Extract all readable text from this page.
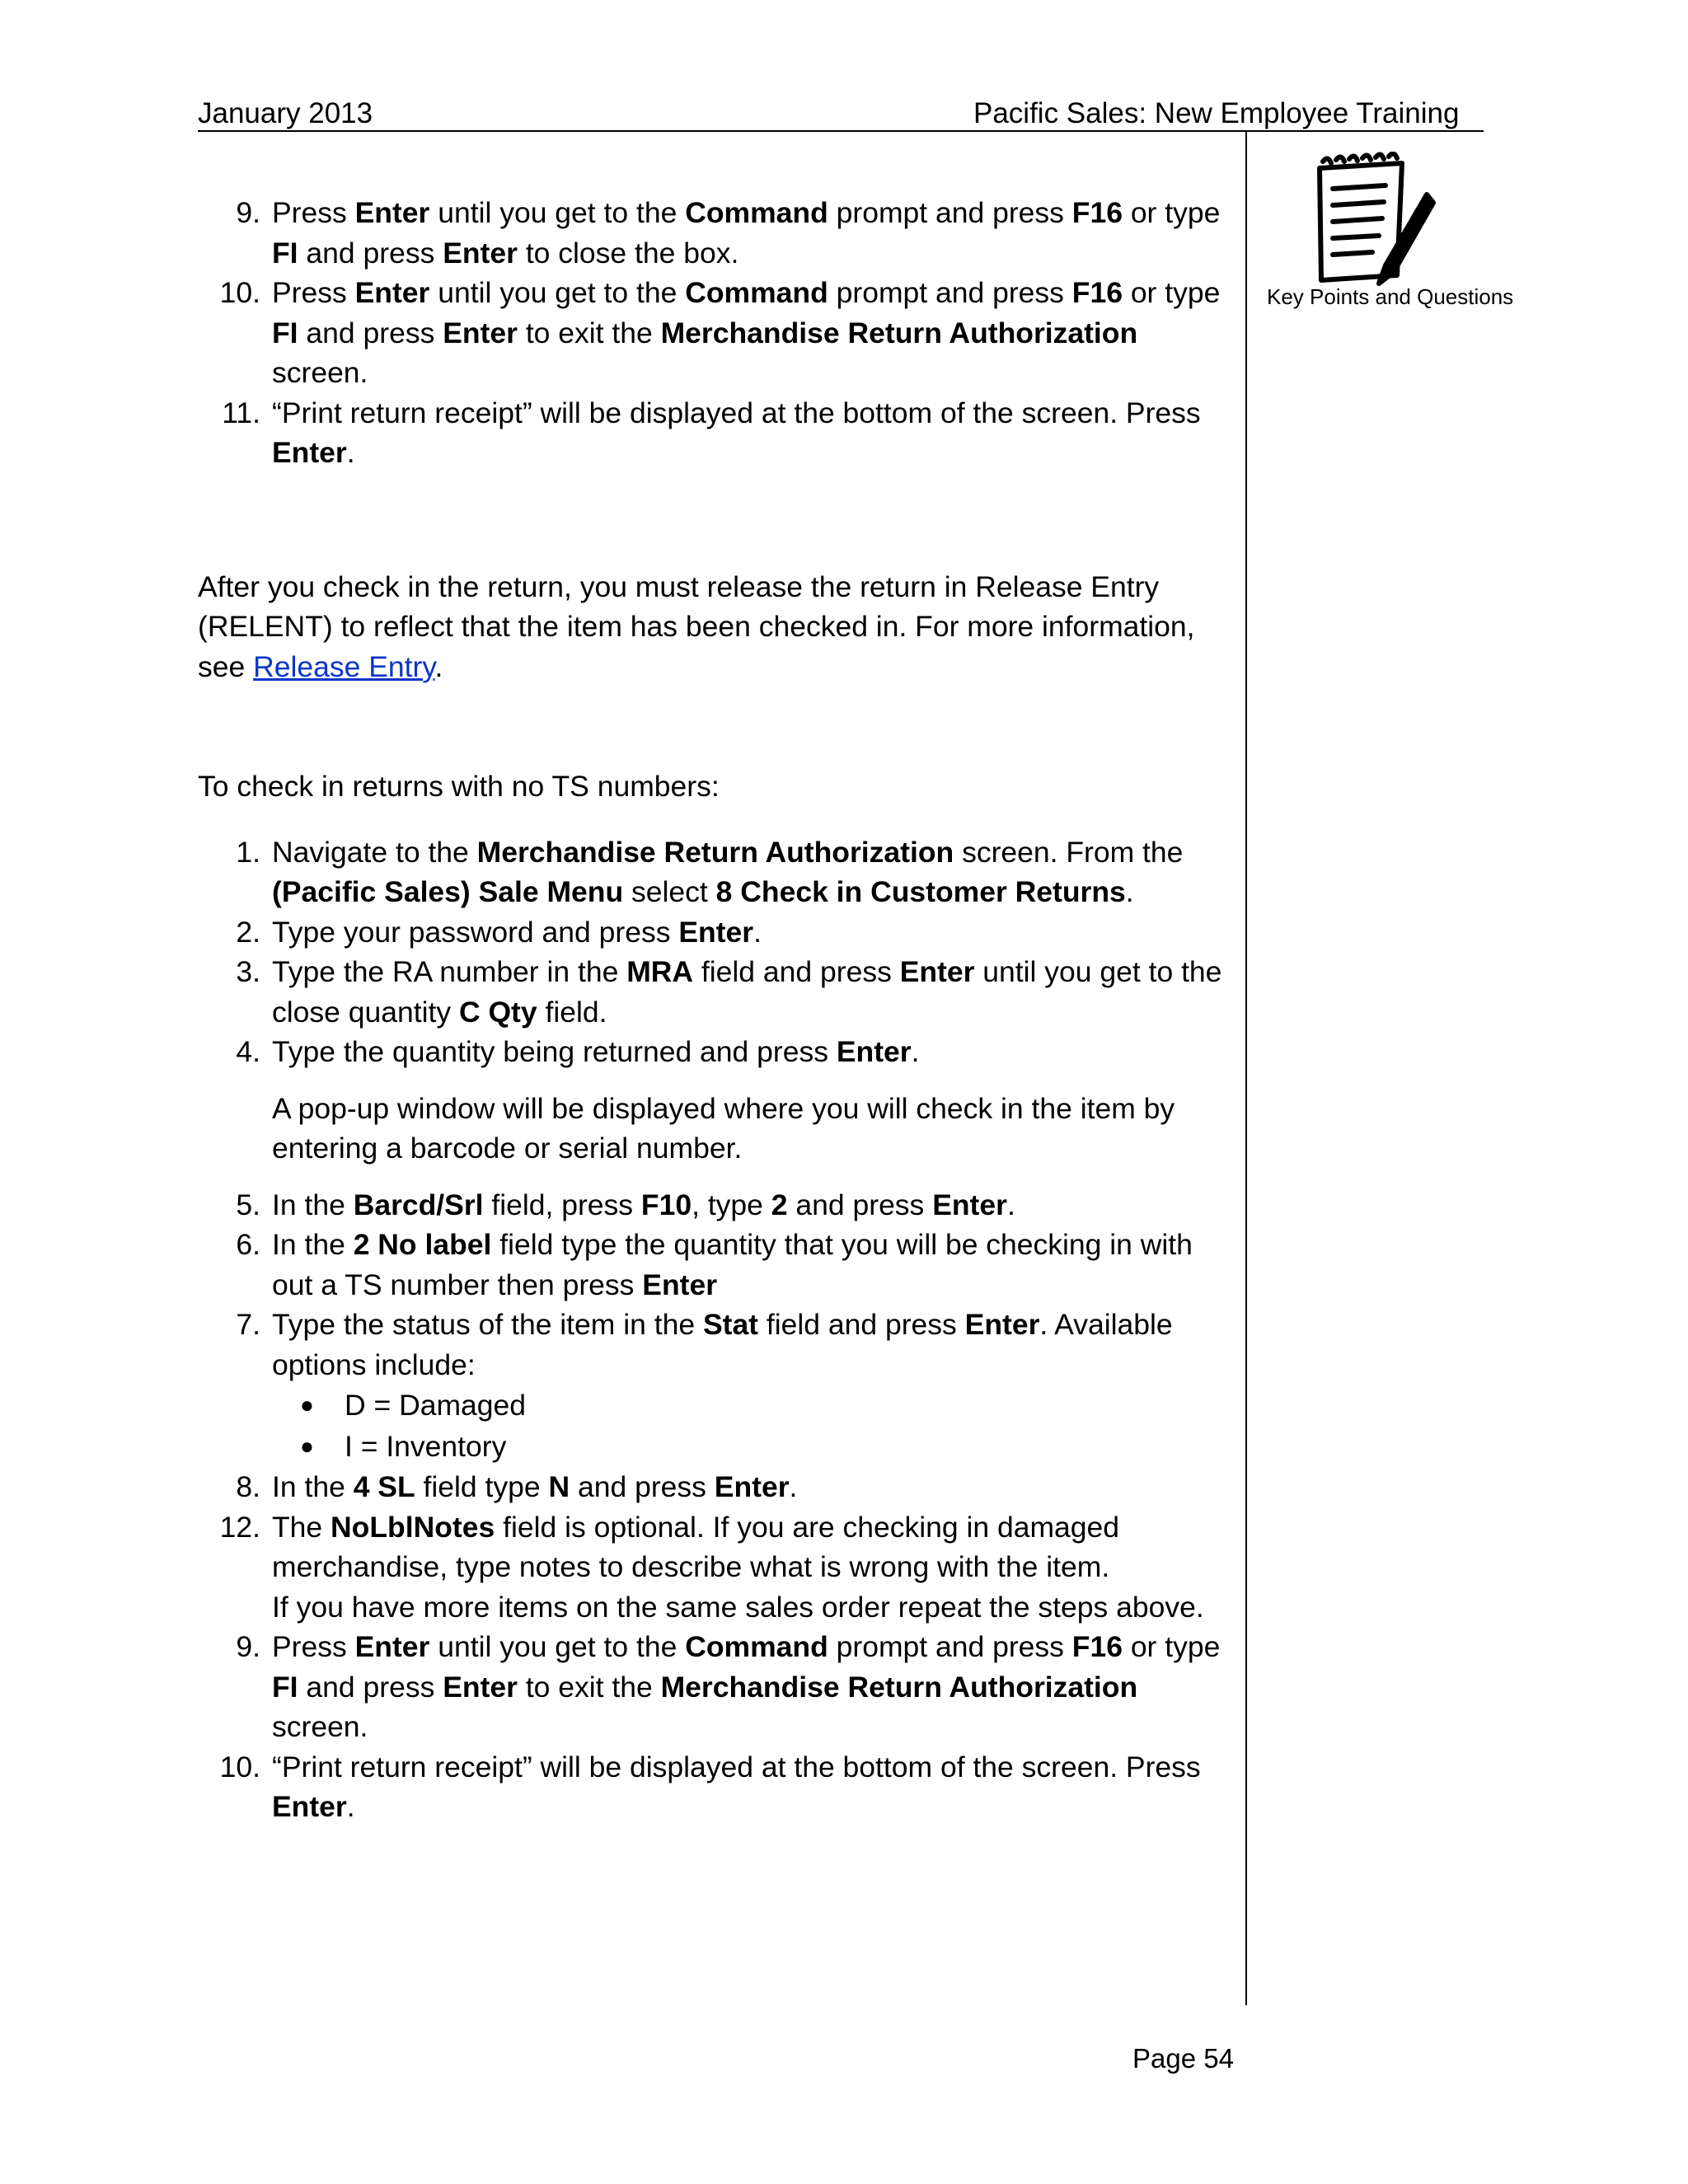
January 2013	Pacific Sales: New Employee Training
Key Points and Questions
9. Press Enter until you get to the Command prompt and press F16 or type FI and press Enter to close the box.
10. Press Enter until you get to the Command prompt and press F16 or type FI and press Enter to exit the Merchandise Return Authorization screen.
11. “Print return receipt” will be displayed at the bottom of the screen. Press Enter.

After you check in the return, you must release the return in Release Entry (RELENT) to reflect that the item has been checked in. For more information, see Release Entry.

To check in returns with no TS numbers:

1. Navigate to the Merchandise Return Authorization screen. From the (Pacific Sales) Sale Menu select 8 Check in Customer Returns.
2. Type your password and press Enter.
3. Type the RA number in the MRA field and press Enter until you get to the close quantity C Qty field.
4. Type the quantity being returned and press Enter.
A pop-up window will be displayed where you will check in the item by entering a barcode or serial number.
5. In the Barcd/Srl field, press F10, type 2 and press Enter.
6. In the 2 No label field type the quantity that you will be checking in with out a TS number then press Enter
7. Type the status of the item in the Stat field and press Enter. Available options include:
●	D = Damaged
●	I = Inventory
8. In the 4 SL field type N and press Enter.
12. The NoLblNotes field is optional. If you are checking in damaged merchandise, type notes to describe what is wrong with the item.
If you have more items on the same sales order repeat the steps above.
9. Press Enter until you get to the Command prompt and press F16 or type FI and press Enter to exit the Merchandise Return Authorization screen.
10. “Print return receipt” will be displayed at the bottom of the screen. Press Enter.
Page 54
